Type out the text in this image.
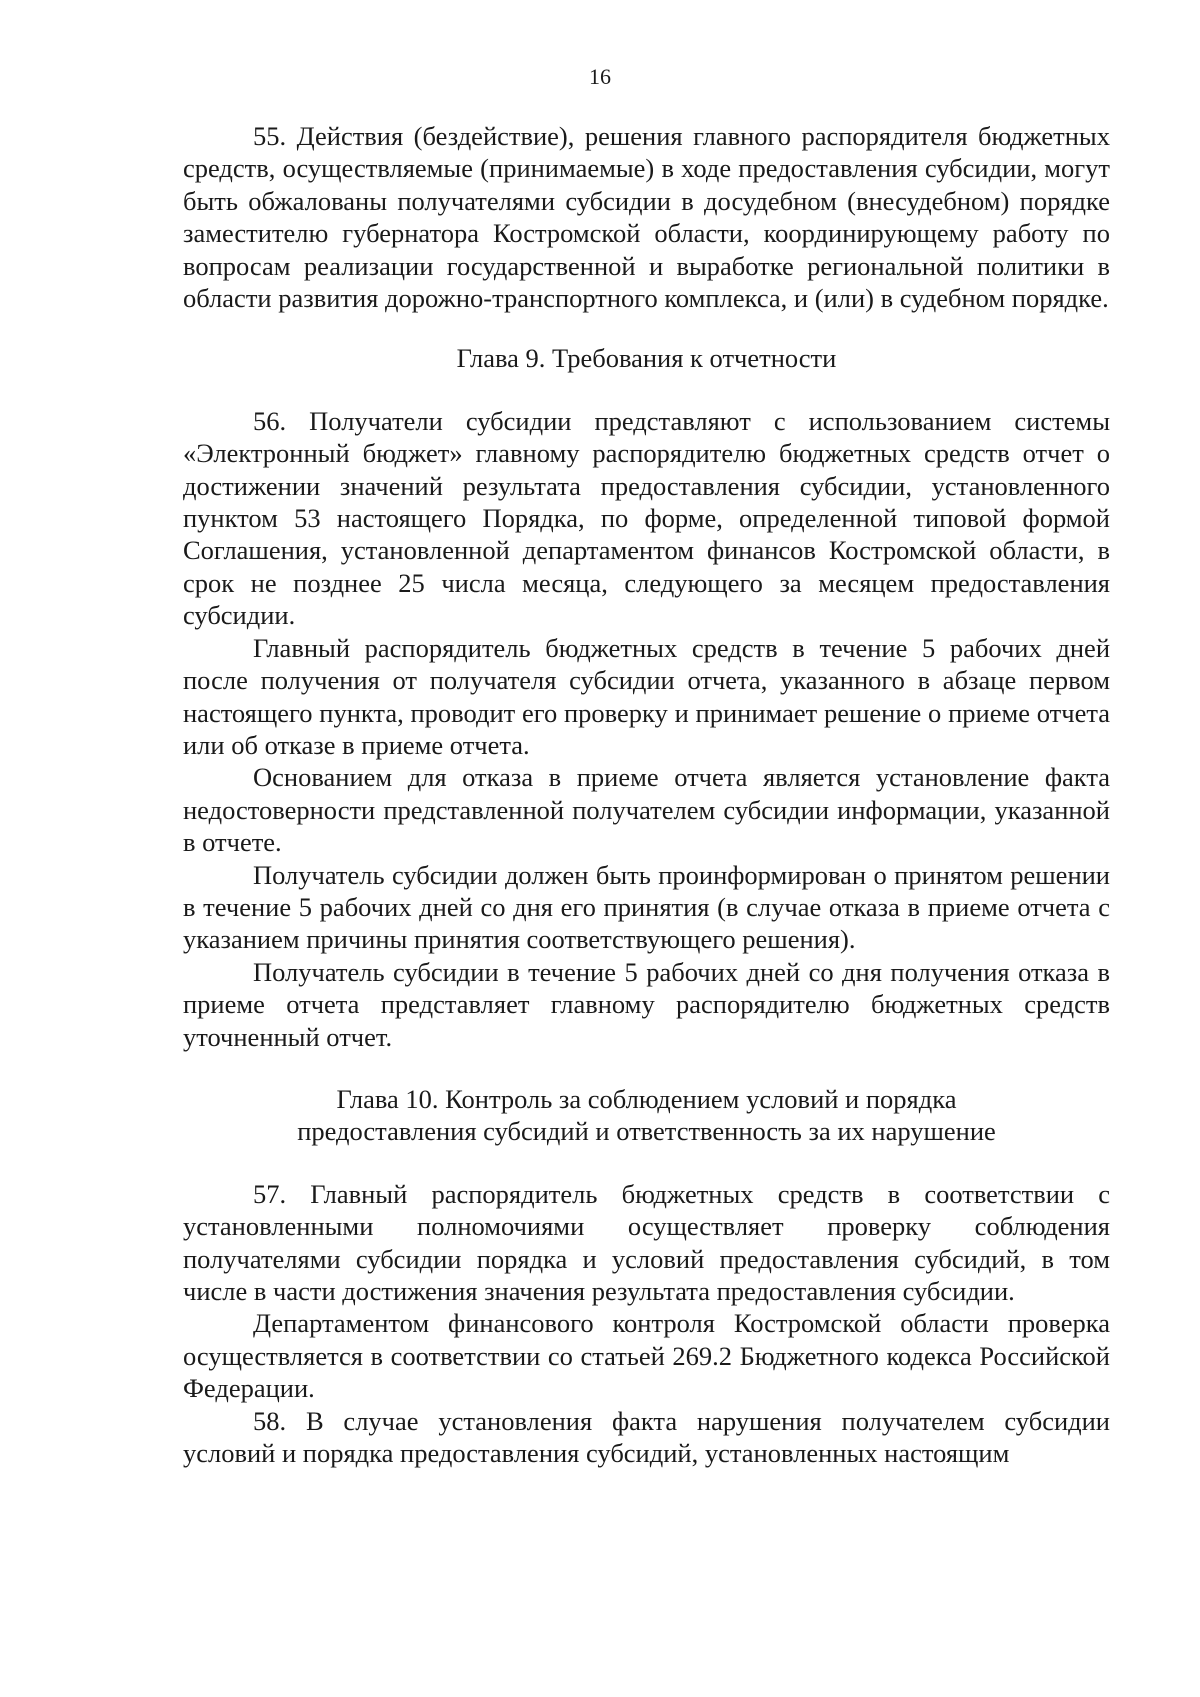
16

55. Действия (бездействие), решения главного распорядителя бюджетных средств, осуществляемые (принимаемые) в ходе предоставления субсидии, могут быть обжалованы получателями субсидии в досудебном (внесудебном) порядке заместителю губернатора Костромской области, координирующему работу по вопросам реализации государственной и выработке региональной политики в области развития дорожно-транспортного комплекса, и (или) в судебном порядке.

Глава 9. Требования к отчетности

56. Получатели субсидии представляют с использованием системы «Электронный бюджет» главному распорядителю бюджетных средств отчет о достижении значений результата предоставления субсидии, установленного пунктом 53 настоящего Порядка, по форме, определенной типовой формой Соглашения, установленной департаментом финансов Костромской области, в срок не позднее 25 числа месяца, следующего за месяцем предоставления субсидии.

Главный распорядитель бюджетных средств в течение 5 рабочих дней после получения от получателя субсидии отчета, указанного в абзаце первом настоящего пункта, проводит его проверку и принимает решение о приеме отчета или об отказе в приеме отчета.

Основанием для отказа в приеме отчета является установление факта недостоверности представленной получателем субсидии информации, указанной в отчете.

Получатель субсидии должен быть проинформирован о принятом решении в течение 5 рабочих дней со дня его принятия (в случае отказа в приеме отчета с указанием причины принятия соответствующего решения).

Получатель субсидии в течение 5 рабочих дней со дня получения отказа в приеме отчета представляет главному распорядителю бюджетных средств уточненный отчет.

Глава 10. Контроль за соблюдением условий и порядка
предоставления субсидий и ответственность за их нарушение

57. Главный распорядитель бюджетных средств в соответствии с установленными полномочиями осуществляет проверку соблюдения получателями субсидии порядка и условий предоставления субсидий, в том числе в части достижения значения результата предоставления субсидии.

Департаментом финансового контроля Костромской области проверка осуществляется в соответствии со статьей 269.2 Бюджетного кодекса Российской Федерации.

58. В случае установления факта нарушения получателем субсидии условий и порядка предоставления субсидий, установленных настоящим
